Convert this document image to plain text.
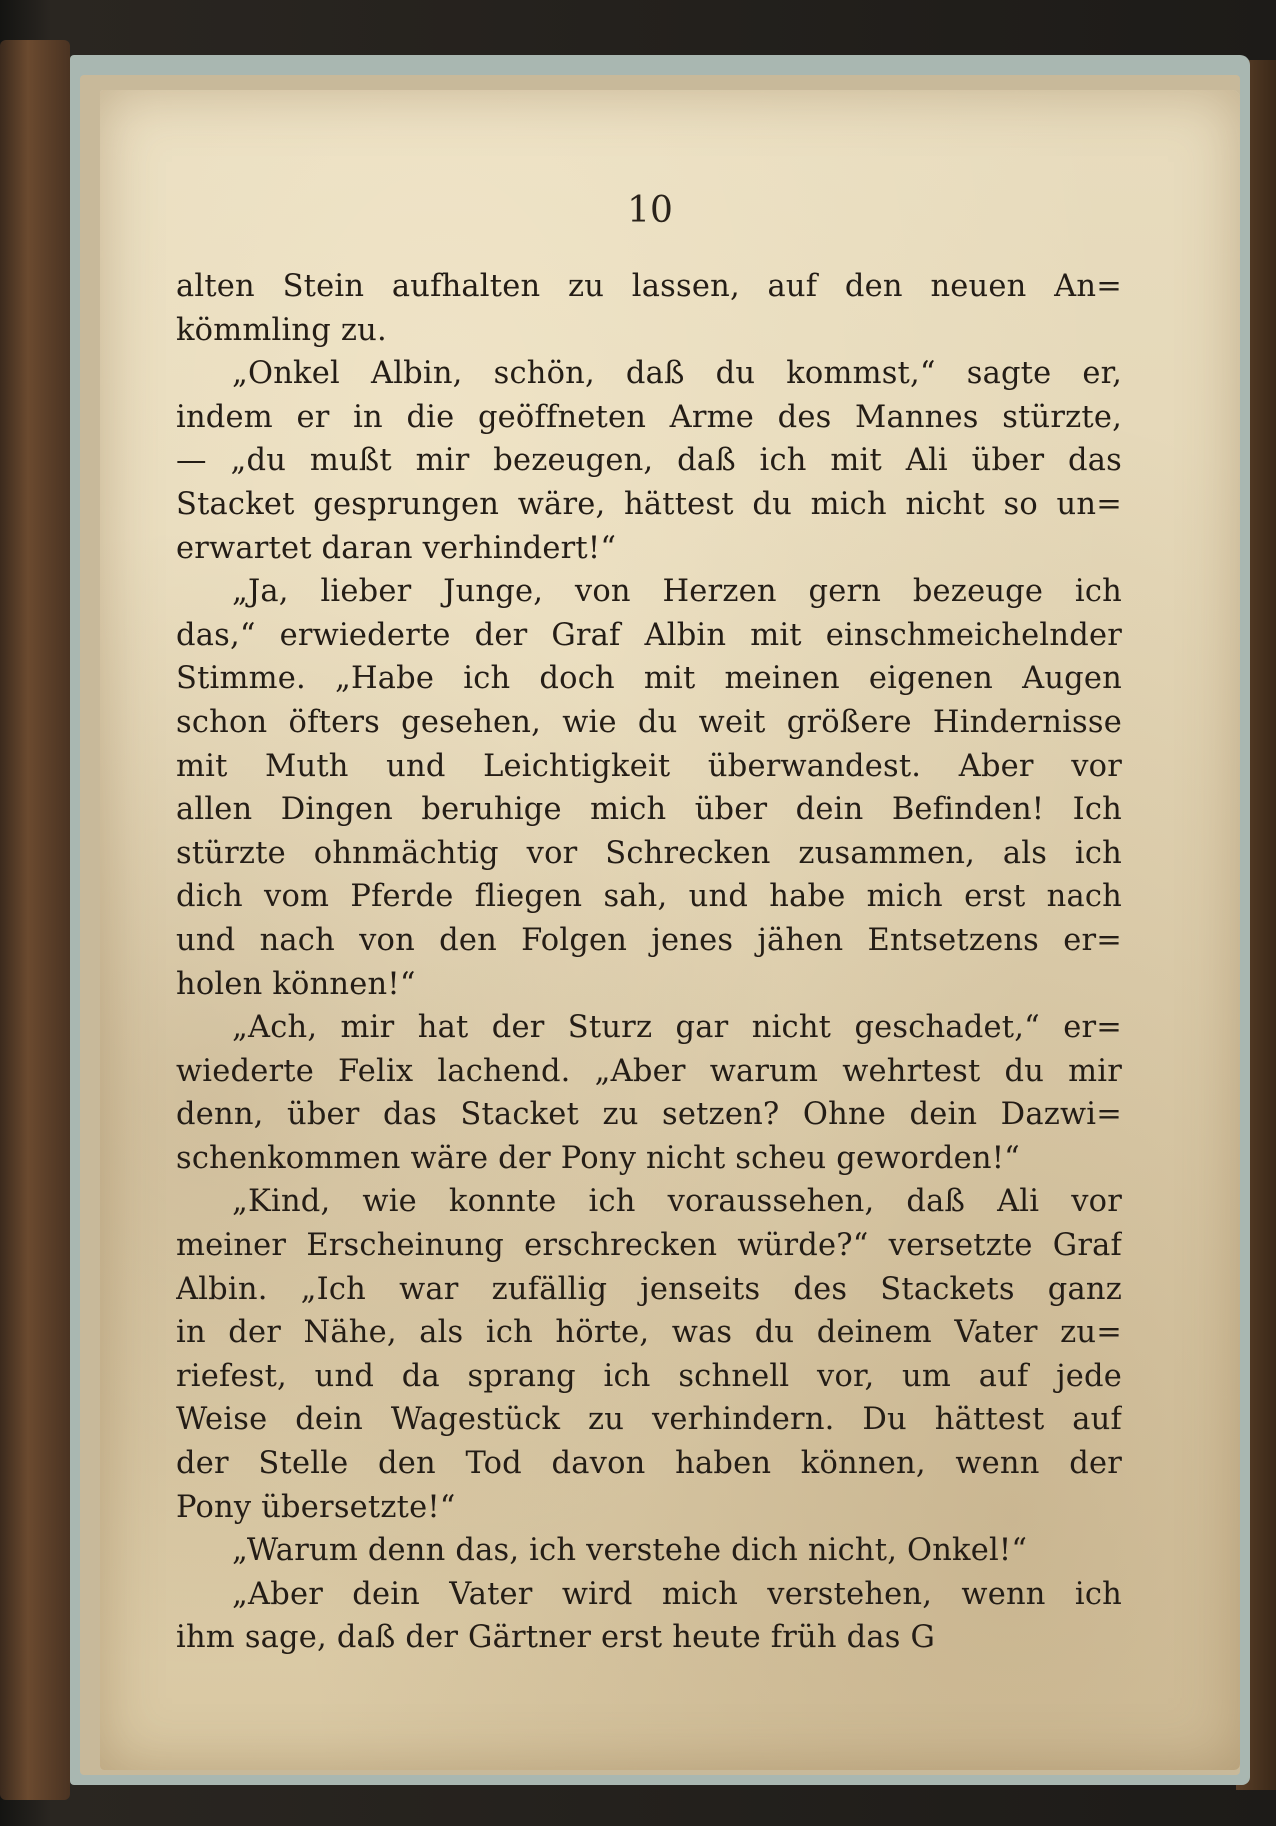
10
alten Stein aufhalten zu lassen, auf den neuen An=
kömmling zu.
„Onkel Albin, schön, daß du kommst,“ sagte er,
indem er in die geöffneten Arme des Mannes stürzte,
— „du mußt mir bezeugen, daß ich mit Ali über das
Stacket gesprungen wäre, hättest du mich nicht so un=
erwartet daran verhindert!“
„Ja, lieber Junge, von Herzen gern bezeuge ich
das,“ erwiederte der Graf Albin mit einschmeichelnder
Stimme. „Habe ich doch mit meinen eigenen Augen
schon öfters gesehen, wie du weit größere Hindernisse
mit Muth und Leichtigkeit überwandest. Aber vor
allen Dingen beruhige mich über dein Befinden! Ich
stürzte ohnmächtig vor Schrecken zusammen, als ich
dich vom Pferde fliegen sah, und habe mich erst nach
und nach von den Folgen jenes jähen Entsetzens er=
holen können!“
„Ach, mir hat der Sturz gar nicht geschadet,“ er=
wiederte Felix lachend. „Aber warum wehrtest du mir
denn, über das Stacket zu setzen? Ohne dein Dazwi=
schenkommen wäre der Pony nicht scheu geworden!“
„Kind, wie konnte ich voraussehen, daß Ali vor
meiner Erscheinung erschrecken würde?“ versetzte Graf
Albin. „Ich war zufällig jenseits des Stackets ganz
in der Nähe, als ich hörte, was du deinem Vater zu=
riefest, und da sprang ich schnell vor, um auf jede
Weise dein Wagestück zu verhindern. Du hättest auf
der Stelle den Tod davon haben können, wenn der
Pony übersetzte!“
„Warum denn das, ich verstehe dich nicht, Onkel!“
„Aber dein Vater wird mich verstehen, wenn ich
ihm sage, daß der Gärtner erst heute früh das G
